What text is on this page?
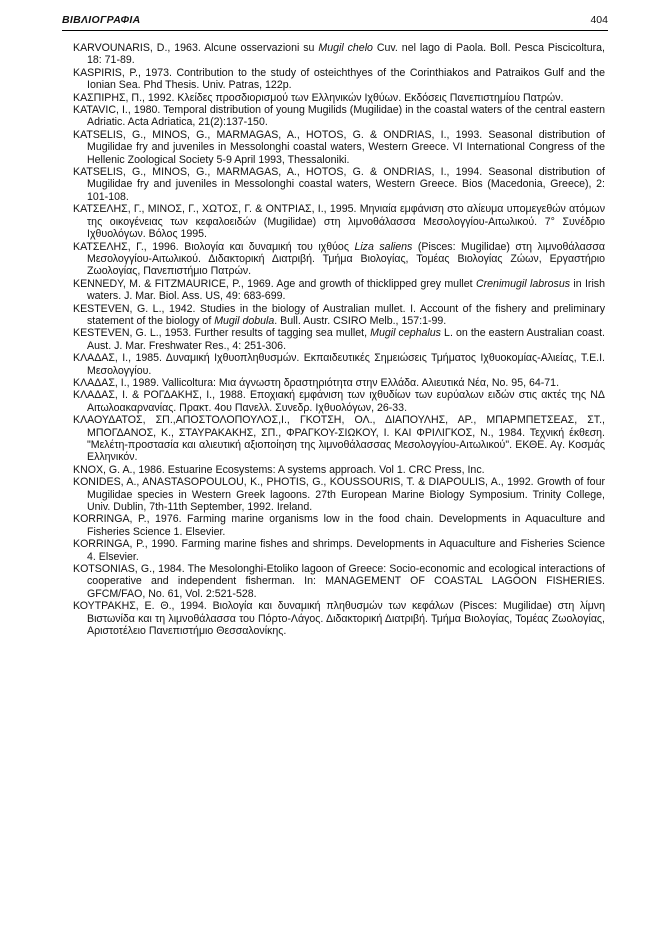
ΒΙΒΛΙΟΓΡΑΦΙΑ	404

KARVOUNARIS, D., 1963. Alcune osservazioni su Mugil chelo Cuv. nel lago di Paola. Boll. Pesca Piscicoltura, 18: 71-89.

KASPIRIS, P., 1973. Contribution to the study of osteichthyes of the Corinthiakos and Patraikos Gulf and the Ionian Sea. Phd Thesis. Univ. Patras, 122p.

ΚΑΣΠΙΡΗΣ, Π., 1992. Κλείδες προσδιορισμού των Ελληνικών Ιχθύων. Εκδόσεις Πανεπιστημίου Πατρών.

KATAVIC, I., 1980. Temporal distribution of young Mugilids (Mugilidae) in the coastal waters of the central eastern Adriatic. Acta Adriatica, 21(2):137-150.

KATSELIS, G., MINOS, G., MARMAGAS, A., HOTOS, G. & ONDRIAS, I., 1993. Seasonal distribution of Mugilidae fry and juveniles in Messolonghi coastal waters, Western Greece. VI International Congress of the Hellenic Zoological Society 5-9 April 1993, Thessaloniki.

KATSELIS, G., MINOS, G., MARMAGAS, A., HOTOS, G. & ONDRIAS, I., 1994. Seasonal distribution of Mugilidae fry and juveniles in Messolonghi coastal waters, Western Greece. Bios (Macedonia, Greece), 2: 101-108.

ΚΑΤΣΕΛΗΣ, Γ., ΜΙΝΟΣ, Γ., ΧΩΤΟΣ, Γ. & ΟΝΤΡΙΑΣ, Ι., 1995. Μηνιαία εμφάνιση στο αλίευμα υπομεγεθών ατόμων της οικογένειας των κεφαλοειδών (Mugilidae) στη λιμνοθάλασσα Μεσολογγίου-Αιτωλικού. 7° Συνέδριο Ιχθυολόγων. Βόλος 1995.

ΚΑΤΣΕΛΗΣ, Γ., 1996. Βιολογία και δυναμική του ιχθύος Liza saliens (Pisces: Mugilidae) στη λιμνοθάλασσα Μεσολογγίου-Αιτωλικού. Διδακτορική Διατριβή. Τμήμα Βιολογίας, Τομέας Βιολογίας Ζώων, Εργαστήριο Ζωολογίας, Πανεπιστήμιο Πατρών.

KENNEDY, M. & FITZMAURICE, P., 1969. Age and growth of thicklipped grey mullet Crenimugil labrosus in Irish waters. J. Mar. Biol. Ass. US, 49: 683-699.

KESTEVEN, G. L., 1942. Studies in the biology of Australian mullet. I. Account of the fishery and preliminary statement of the biology of Mugil dobula. Bull. Austr. CSIRO Melb., 157:1-99.

KESTEVEN, G. L., 1953. Further results of tagging sea mullet, Mugil cephalus L. on the eastern Australian coast. Aust. J. Mar. Freshwater Res., 4: 251-306.

ΚΛΑΔΑΣ, Ι., 1985. Δυναμική Ιχθυοπληθυσμών. Εκπαιδευτικές Σημειώσεις Τμήματος Ιχθυοκομίας-Αλιείας, Τ.Ε.Ι. Μεσολογγίου.

ΚΛΑΔΑΣ, Ι., 1989. Vallicoltura: Μια άγνωστη δραστηριότητα στην Ελλάδα. Αλιευτικά Νέα, Νο. 95, 64-71.

ΚΛΑΔΑΣ, Ι. & ΡΟΓΔΑΚΗΣ, Ι., 1988. Εποχιακή εμφάνιση των ιχθυδίων των ευρύαλων ειδών στις ακτές της ΝΔ Αιτωλοακαρνανίας. Πρακτ. 4ου Πανελλ. Συνεδρ. Ιχθυολόγων, 26-33.

ΚΛΑΟΥΔΑΤΟΣ, ΣΠ.,ΑΠΟΣΤΟΛΟΠΟΥΛΟΣ,Ι., ΓΚΟΤΣΗ, ΟΛ., ΔΙΑΠΟΥΛΗΣ, ΑΡ., ΜΠΑΡΜΠΕΤΣΕΑΣ, ΣΤ., ΜΠΟΓΔΑΝΟΣ, Κ., ΣΤΑΥΡΑΚΑΚΗΣ, ΣΠ., ΦΡΑΓΚΟΥ-ΣΙΩΚΟΥ, Ι. ΚΑΙ ΦΡΙΛΙΓΚΟΣ, Ν., 1984. Τεχνική έκθεση. "Μελέτη-προστασία και αλιευτική αξιοποίηση της λιμνοθάλασσας Μεσολογγίου-Αιτωλικού". ΕΚΘΕ. Αγ. Κοσμάς Ελληνικόν.

KNOX, G. A., 1986. Estuarine Ecosystems: A systems approach. Vol 1. CRC Press, Inc.

KONIDES, A., ANASTASOPOULOU, K., PHOTIS, G., KOUSSOURIS, T. & DIAPOULIS, A., 1992. Growth of four Mugilidae species in Western Greek lagoons. 27th European Marine Biology Symposium. Trinity College, Univ. Dublin, 7th-11th September, 1992. Ireland.

KORRINGA, P., 1976. Farming marine organisms low in the food chain. Developments in Aquaculture and Fisheries Science 1. Elsevier.

KORRINGA, P., 1990. Farming marine fishes and shrimps. Developments in Aquaculture and Fisheries Science 4. Elsevier.

KOTSONIAS, G., 1984. The Mesolonghi-Etoliko lagoon of Greece: Socio-economic and ecological interactions of cooperative and independent fisherman. In: MANAGEMENT OF COASTAL LAGOON FISHERIES. GFCM/FAO, No. 61, Vol. 2:521-528.

ΚΟΥΤΡΑΚΗΣ, Ε. Θ., 1994. Βιολογία και δυναμική πληθυσμών των κεφάλων (Pisces: Mugilidae) στη λίμνη Βιστωνίδα και τη λιμνοθάλασσα του Πόρτο-Λάγος. Διδακτορική Διατριβή. Τμήμα Βιολογίας, Τομέας Ζωολογίας, Αριστοτέλειο Πανεπιστήμιο Θεσσαλονίκης.
